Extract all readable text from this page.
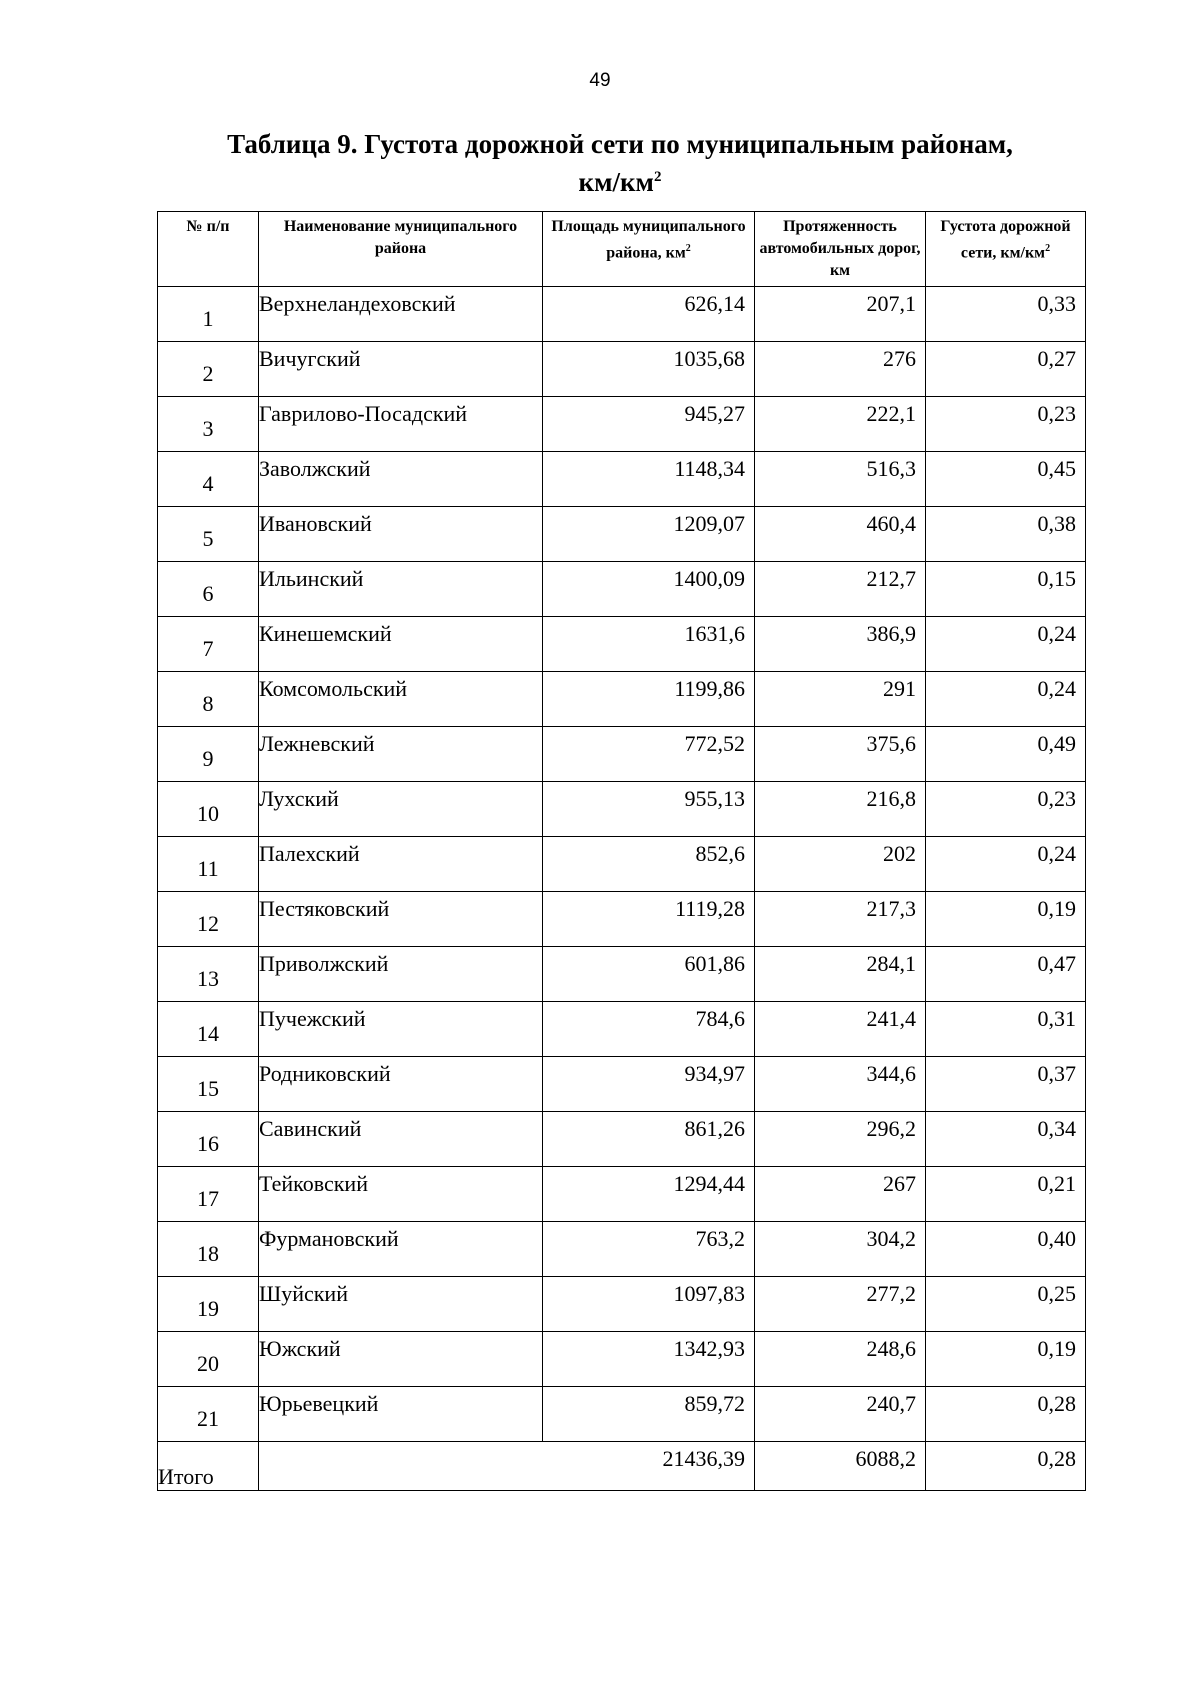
49
Таблица 9. Густота дорожной сети по муниципальным районам,
$км/км^2$
№ п/п	Наименование муниципального района	Площадь муниципального района, $км^2$	Протяженность автомобильных дорог, км	Густота дорожной сети, $км/км^2$
1	Верхнеландеховский	626,14	207,1	0,33
2	Вичугский	1035,68	276	0,27
3	Гаврилово-Посадский	945,27	222,1	0,23
4	Заволжский	1148,34	516,3	0,45
5	Ивановский	1209,07	460,4	0,38
6	Ильинский	1400,09	212,7	0,15
7	Кинешемский	1631,6	386,9	0,24
8	Комсомольский	1199,86	291	0,24
9	Лежневский	772,52	375,6	0,49
10	Лухский	955,13	216,8	0,23
11	Палехский	852,6	202	0,24
12	Пестяковский	1119,28	217,3	0,19
13	Приволжский	601,86	284,1	0,47
14	Пучежский	784,6	241,4	0,31
15	Родниковский	934,97	344,6	0,37
16	Савинский	861,26	296,2	0,34
17	Тейковский	1294,44	267	0,21
18	Фурмановский	763,2	304,2	0,40
19	Шуйский	1097,83	277,2	0,25
20	Южский	1342,93	248,6	0,19
21	Юрьевецкий	859,72	240,7	0,28
Итого	21436,39		6088,2	0,28
